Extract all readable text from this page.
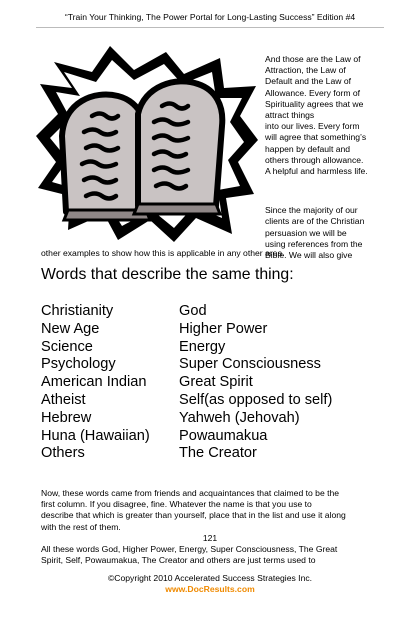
“Train Your Thinking, The Power Portal for Long-Lasting Success” Edition #4

And those are the Law of

Attraction, the Law of

Default and the Law of

Allowance. Every form of

Spirituality agrees that we

attract things

into our lives. Every form

will agree that something’s

happen by default and

others through allowance.

A helpful and harmless life.

Since the majority of our

clients are of the Christian

persuasion we will be

using references from the

Bible. We will also give

other examples to show how this is applicable in any other area.
Words that describe the same thing:
Christianity	God
New Age	Higher Power
Science	Energy
Psychology	Super Consciousness
American Indian	Great Spirit
Atheist	Self(as opposed to self)
Hebrew	Yahweh (Jehovah)
Huna (Hawaiian)	Powaumakua
Others	The Creator
Now, these words came from friends and acquaintances that claimed to be the
first column. If you disagree, fine. Whatever the name is that you use to
describe that which is greater than yourself, place that in the list and use it along
with the rest of them.
121
All these words God, Higher Power, Energy, Super Consciousness, The Great
Spirit, Self, Powaumakua, The Creator and others are just terms used to
©Copyright 2010 Accelerated Success Strategies Inc.
www.DocResults.com
